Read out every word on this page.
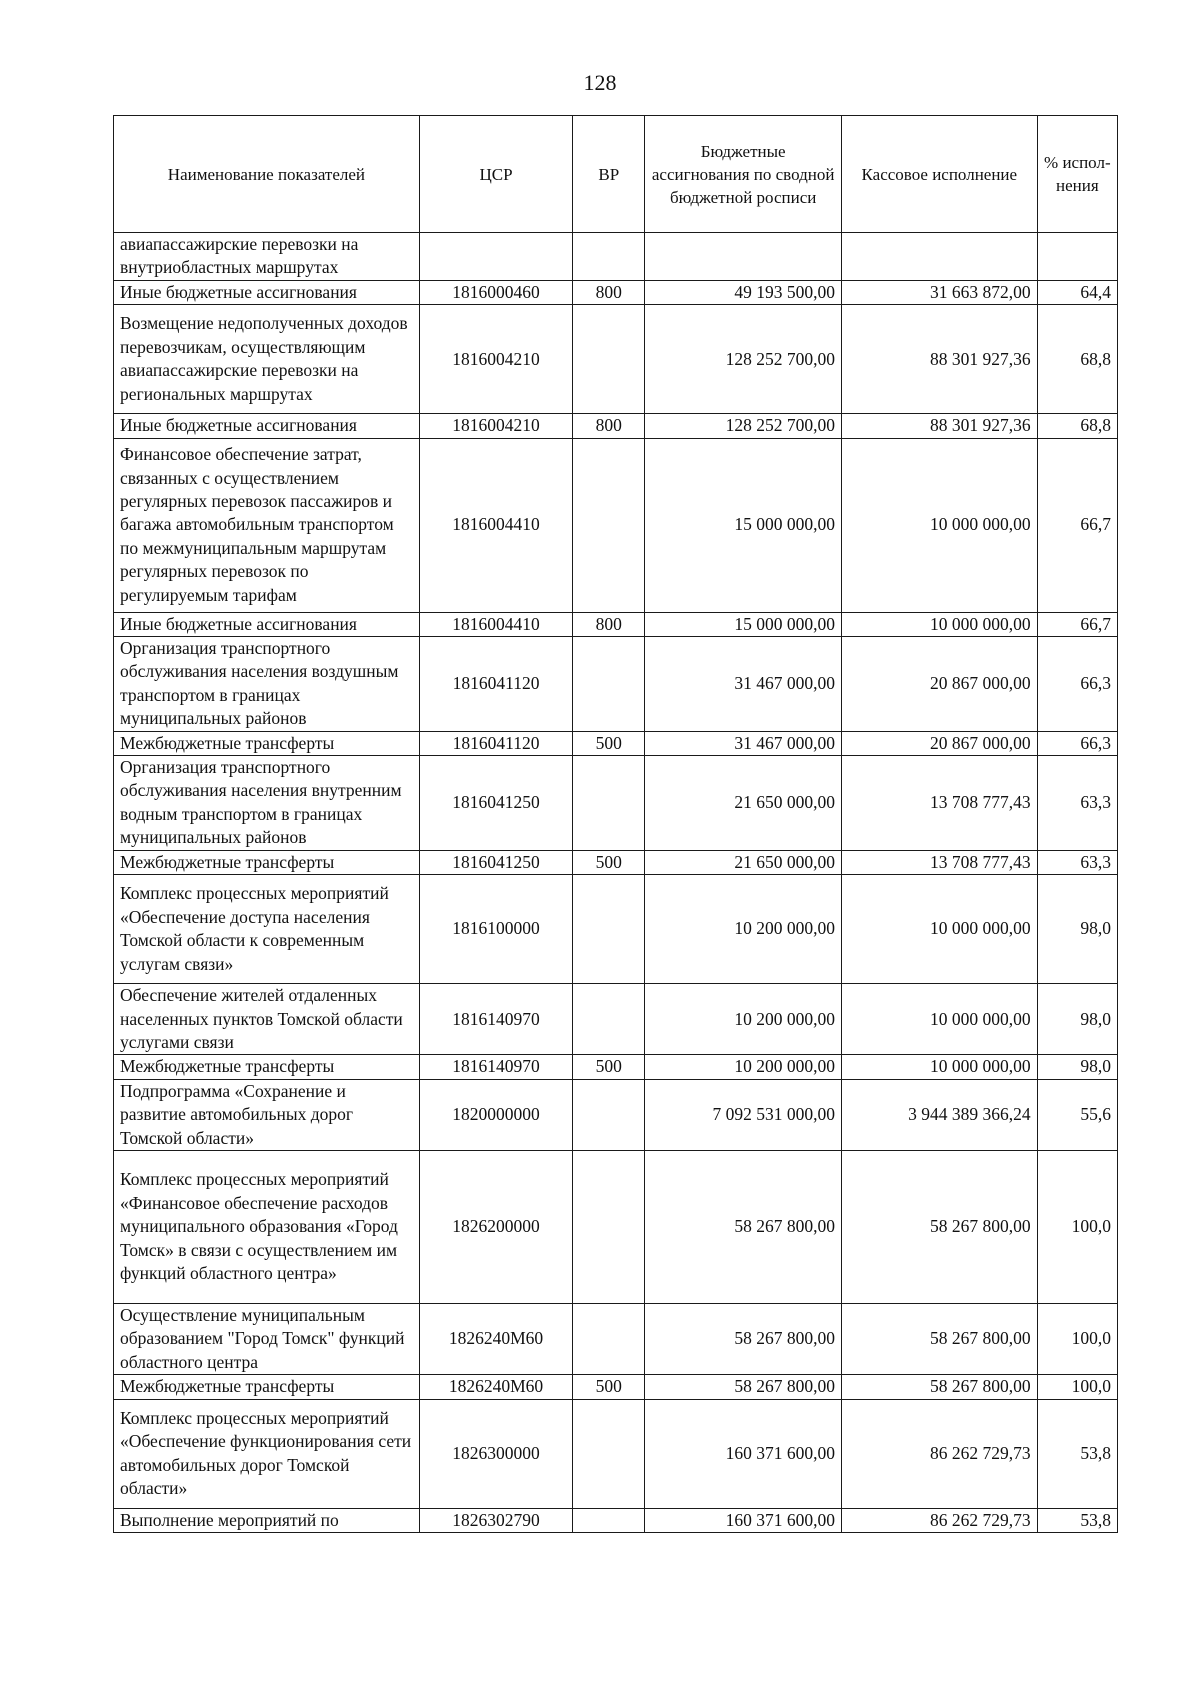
128
Наименование показателей	ЦСР	ВР	Бюджетные ассигнования по сводной бюджетной росписи	Кассовое исполнение	% испол-нения
авиапассажирские перевозки на внутриобластных маршрутах					
Иные бюджетные ассигнования	1816000460	800	49 193 500,00	31 663 872,00	64,4
Возмещение недополученных доходов перевозчикам, осуществляющим авиапассажирские перевозки на региональных маршрутах	1816004210		128 252 700,00	88 301 927,36	68,8
Иные бюджетные ассигнования	1816004210	800	128 252 700,00	88 301 927,36	68,8
Финансовое обеспечение затрат, связанных с осуществлением регулярных перевозок пассажиров и багажа автомобильным транспортом по межмуниципальным маршрутам регулярных перевозок по регулируемым тарифам	1816004410		15 000 000,00	10 000 000,00	66,7
Иные бюджетные ассигнования	1816004410	800	15 000 000,00	10 000 000,00	66,7
Организация транспортного обслуживания населения воздушным транспортом в границах муниципальных районов	1816041120		31 467 000,00	20 867 000,00	66,3
Межбюджетные трансферты	1816041120	500	31 467 000,00	20 867 000,00	66,3
Организация транспортного обслуживания населения внутренним водным транспортом в границах муниципальных районов	1816041250		21 650 000,00	13 708 777,43	63,3
Межбюджетные трансферты	1816041250	500	21 650 000,00	13 708 777,43	63,3
Комплекс процессных мероприятий «Обеспечение доступа населения Томской области к современным услугам связи»	1816100000		10 200 000,00	10 000 000,00	98,0
Обеспечение жителей отдаленных населенных пунктов Томской области услугами связи	1816140970		10 200 000,00	10 000 000,00	98,0
Межбюджетные трансферты	1816140970	500	10 200 000,00	10 000 000,00	98,0
Подпрограмма «Сохранение и развитие автомобильных дорог Томской области»	1820000000		7 092 531 000,00	3 944 389 366,24	55,6
Комплекс процессных мероприятий «Финансовое обеспечение расходов муниципального образования «Город Томск» в связи с осуществлением им функций областного центра»	1826200000		58 267 800,00	58 267 800,00	100,0
Осуществление муниципальным образованием "Город Томск" функций областного центра	1826240М60		58 267 800,00	58 267 800,00	100,0
Межбюджетные трансферты	1826240М60	500	58 267 800,00	58 267 800,00	100,0
Комплекс процессных мероприятий «Обеспечение функционирования сети автомобильных дорог Томской области»	1826300000		160 371 600,00	86 262 729,73	53,8
Выполнение мероприятий по	1826302790		160 371 600,00	86 262 729,73	53,8
